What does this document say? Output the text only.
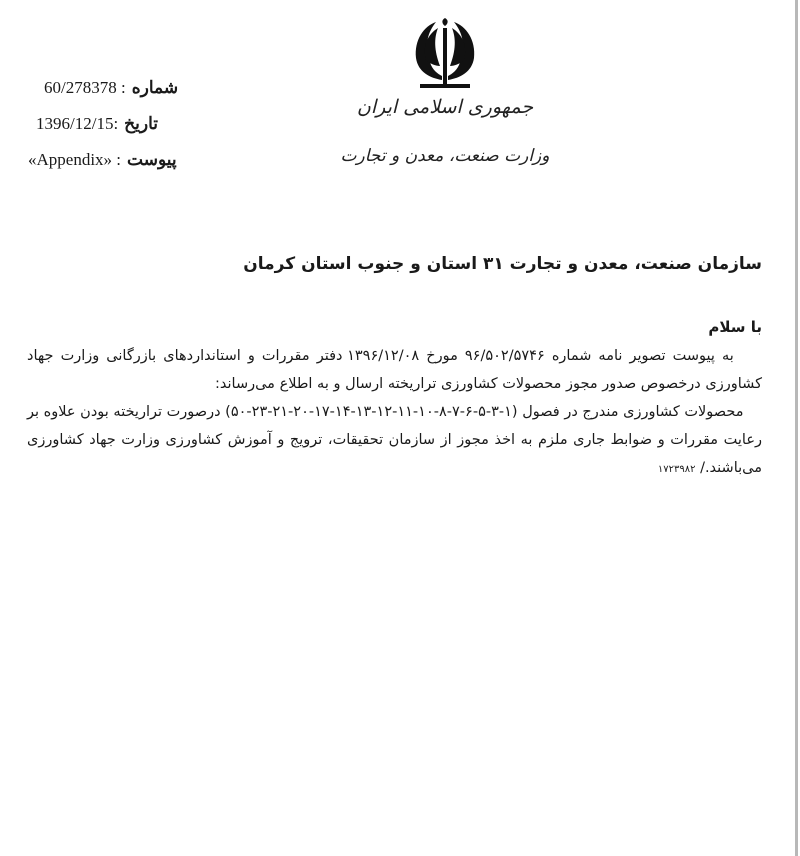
60/278378 : شماره
1396/12/15: تاریخ
«Appendix» : پیوست
جمهوری اسلامی ایران
وزارت صنعت، معدن و تجارت
سازمان صنعت، معدن و تجارت ۳۱ استان و جنوب استان کرمان
با سلام

به پیوست تصویر نامه شماره ۹۶/۵۰۲/۵۷۴۶ مورخ ۱۳۹۶/۱۲/۰۸ دفتر مقررات و استانداردهای بازرگانی وزارت جهاد کشاورزی درخصوص صدور مجوز محصولات کشاورزی تراریخته ارسال و به اطلاع می‌رساند:

محصولات کشاورزی مندرج در فصول (۱-۳-۵-۶-۷-۸-۱۰-۱۱-۱۲-۱۳-۱۴-۱۷-۲۰-۲۱-۲۳-۵۰) درصورت تراریخته بودن علاوه بر رعایت مقررات و ضوابط جاری ملزم به اخذ مجوز از سازمان تحقیقات، ترویج و آموزش کشاورزی وزارت جهاد کشاورزی می‌باشند./ ۱۷۲۳۹۸۲
